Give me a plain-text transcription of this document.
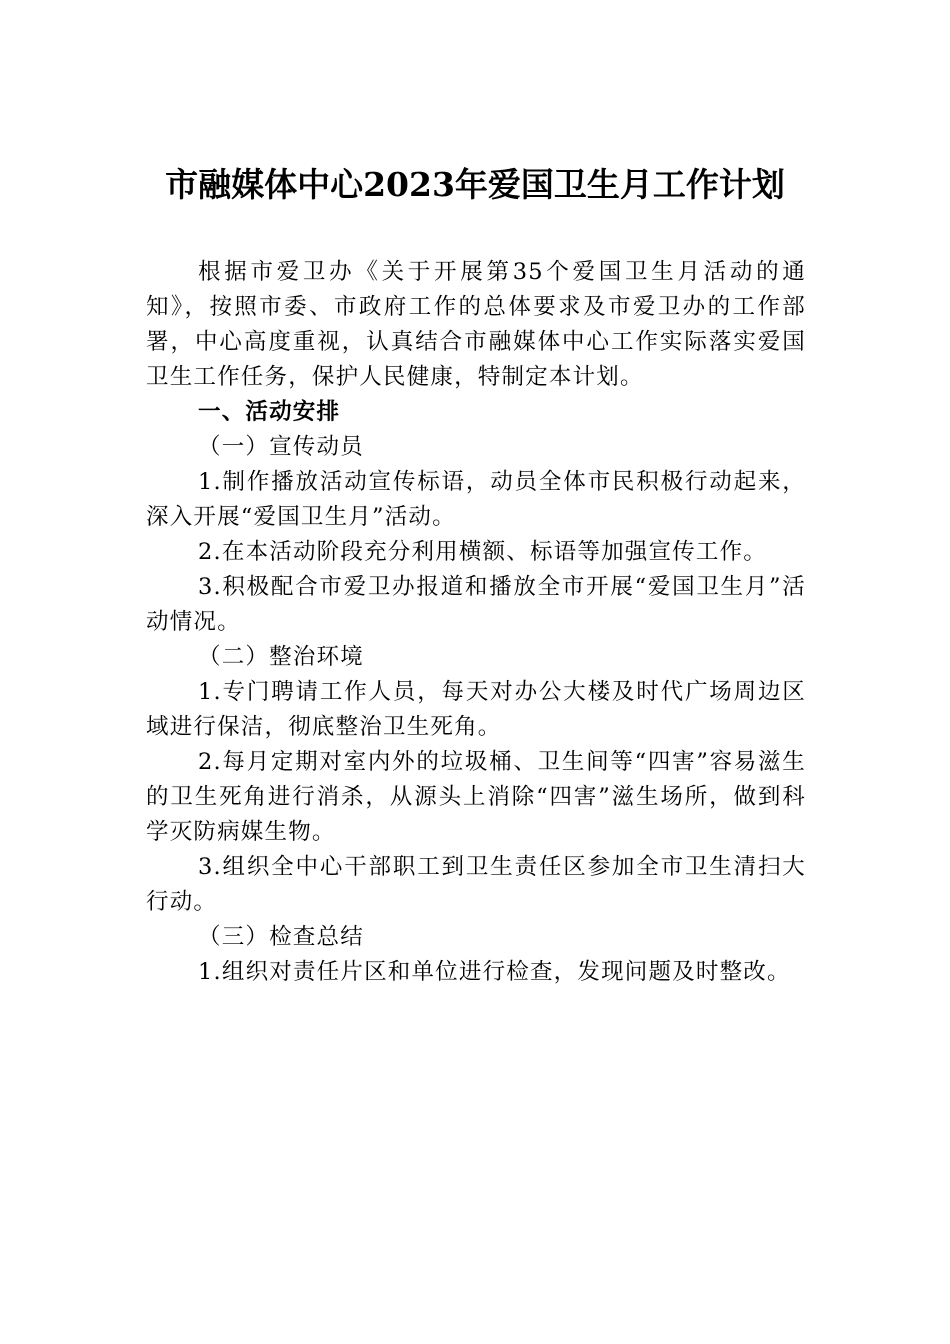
市融媒体中心2023年爱国卫生月工作计划

根据市爱卫办《关于开展第35个爱国卫生月活动的通知》，按照市委、市政府工作的总体要求及市爱卫办的工作部署，中心高度重视，认真结合市融媒体中心工作实际落实爱国卫生工作任务，保护人民健康，特制定本计划。

一、活动安排

（一）宣传动员

1.制作播放活动宣传标语，动员全体市民积极行动起来，深入开展“爱国卫生月”活动。

2.在本活动阶段充分利用横额、标语等加强宣传工作。

3.积极配合市爱卫办报道和播放全市开展“爱国卫生月”活动情况。

（二）整治环境

1.专门聘请工作人员，每天对办公大楼及时代广场周边区域进行保洁，彻底整治卫生死角。

2.每月定期对室内外的垃圾桶、卫生间等“四害”容易滋生的卫生死角进行消杀，从源头上消除“四害”滋生场所，做到科学灭防病媒生物。

3.组织全中心干部职工到卫生责任区参加全市卫生清扫大行动。

（三）检查总结

1.组织对责任片区和单位进行检查，发现问题及时整改。
